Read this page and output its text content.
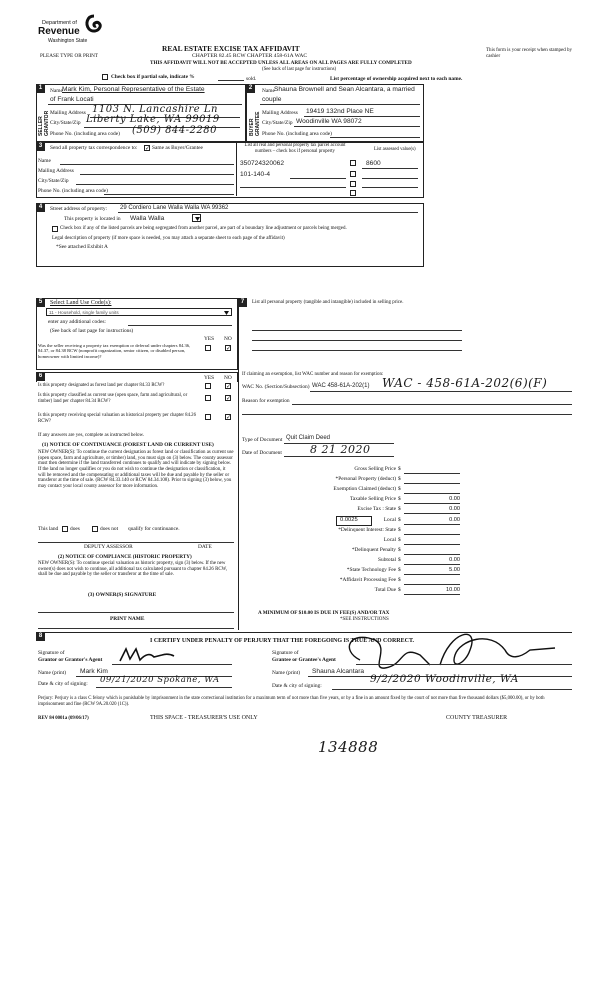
Department of
Revenue
Washington State
PLEASE TYPE OR PRINT
REAL ESTATE EXCISE TAX AFFIDAVIT
CHAPTER 82.45 RCW CHAPTER 458-61A WAC
THIS AFFIDAVIT WILL NOT BE ACCEPTED UNLESS ALL AREAS ON ALL PAGES ARE FULLY COMPLETED
(See back of last page for instructions)
This form is your receipt when stamped by cashier
Check box if partial sale, indicate %	sold.	List percentage of ownership acquired next to each name.
1
SELLER GRANTOR
Name Mark Kim, Personal Representative of the Estate
of Frank Locati
Mailing Address 1103 N. Lancashire Ln
City/State/Zip Liberty Lake, WA 99019
Phone No. (including area code) (509) 844-2280
2
BUYER GRANTEE
Name Shauna Brownell and Sean Alcantara, a married
couple
Mailing Address 19419 132nd Place NE
City/State/Zip Woodinville WA 98072
Phone No. (including area code)
3	Send all property tax correspondence to: ✓ Same as Buyer/Grantee
Name
Mailing Address
City/State/Zip
Phone No. (including area code)
List all real and personal property tax parcel account numbers – check box if personal property	List assessed value(s)
350724320062	8600
101-140-4
4	Street address of property: 29 Cordiero Lane Walla Walla WA 99362
This property is located in Walla Walla
Check box if any of the listed parcels are being segregated from another parcel, are part of a boundary line adjustment or parcels being merged.
Legal description of property (if more space is needed, you may attach a separate sheet to each page of the affidavit)
*See attached Exhibit A
5	Select Land Use Code(s):
11 - Household, single family units
enter any additional codes:
(See back of last page for instructions)
YES NO
Was the seller receiving a property tax exemption or deferral under chapters 84.36, 84.37, or 84.38 RCW (nonprofit organization, senior citizen, or disabled person, homeowner with limited income)?
✓
6	YES NO
Is this property designated as forest land per chapter 84.33 RCW?	✓
Is this property classified as current use (open space, farm and agricultural, or timber) land per chapter 84.34 RCW?	✓
Is this property receiving special valuation as historical property per chapter 84.26 RCW?
✓
If any answers are yes, complete as instructed below.
(1) NOTICE OF CONTINUANCE (FOREST LAND OR CURRENT USE)
NEW OWNER(S): To continue the current designation as forest land or classification as current use (open space, farm and agriculture, or timber) land, you must sign on (3) below. The county assessor must then determine if the land transferred continues to qualify and will indicate by signing below. If the land no longer qualifies or you do not wish to continue the designation or classification, it will be removed and the compensating or additional taxes will be due and payable by the seller or transferor at the time of sale. (RCW 84.33.140 or RCW 84.34.108). Prior to signing (3) below, you may contact your local county assessor for more information.
This land does	does not qualify for continuance.
DEPUTY ASSESSOR	DATE
(2) NOTICE OF COMPLIANCE (HISTORIC PROPERTY)
NEW OWNER(S): To continue special valuation as historic property, sign (3) below. If the new owner(s) does not wish to continue, all additional tax calculated pursuant to chapter 84.26 RCW, shall be due and payable by the seller or transferor at the time of sale.
(3) OWNER(S) SIGNATURE
PRINT NAME
7	List all personal property (tangible and intangible) included in selling price.
If claiming an exemption, list WAC number and reason for exemption:
WAC No. (Section/Subsection) WAC 458-61A-202(1) WAC - 458-61A-202(6)(F)
Reason for exemption
Type of Document Quit Claim Deed
Date of Document	8 21 2020
Gross Selling Price $
*Personal Property (deduct) $
Exemption Claimed (deduct) $
Taxable Selling Price $	0.00
Excise Tax : State $	0.00
Local $	0.00
0.0025
*Delinquent Interest: State $
Local $
*Delinquent Penalty $
Subtotal $	0.00
*State Technology Fee $	5.00
*Affidavit Processing Fee $
Total Due $	10.00
A MINIMUM OF $10.00 IS DUE IN FEE(S) AND/OR TAX
*SEE INSTRUCTIONS
8
I CERTIFY UNDER PENALTY OF PERJURY THAT THE FOREGOING IS TRUE AND CORRECT.
Signature of
Grantor or Grantor's Agent
Name (print) Mark Kim
Date & city of signing: 09/21/2020 Spokane, WA
Signature of
Grantee or Grantee's Agent
Name (print) Shauna Alcantara
Date & city of signing:
9/2/2020 Woodinville, WA
Perjury: Perjury is a class C felony which is punishable by imprisonment in the state correctional institution for a maximum term of not more than five years, or by a fine in an amount fixed by the court of not more than five thousand dollars ($5,000.00), or by both imprisonment and fine (RCW 9A.20.020 (1C)).
REV 84 0001a (09/06/17)	THIS SPACE - TREASURER'S USE ONLY	COUNTY TREASURER
134888
